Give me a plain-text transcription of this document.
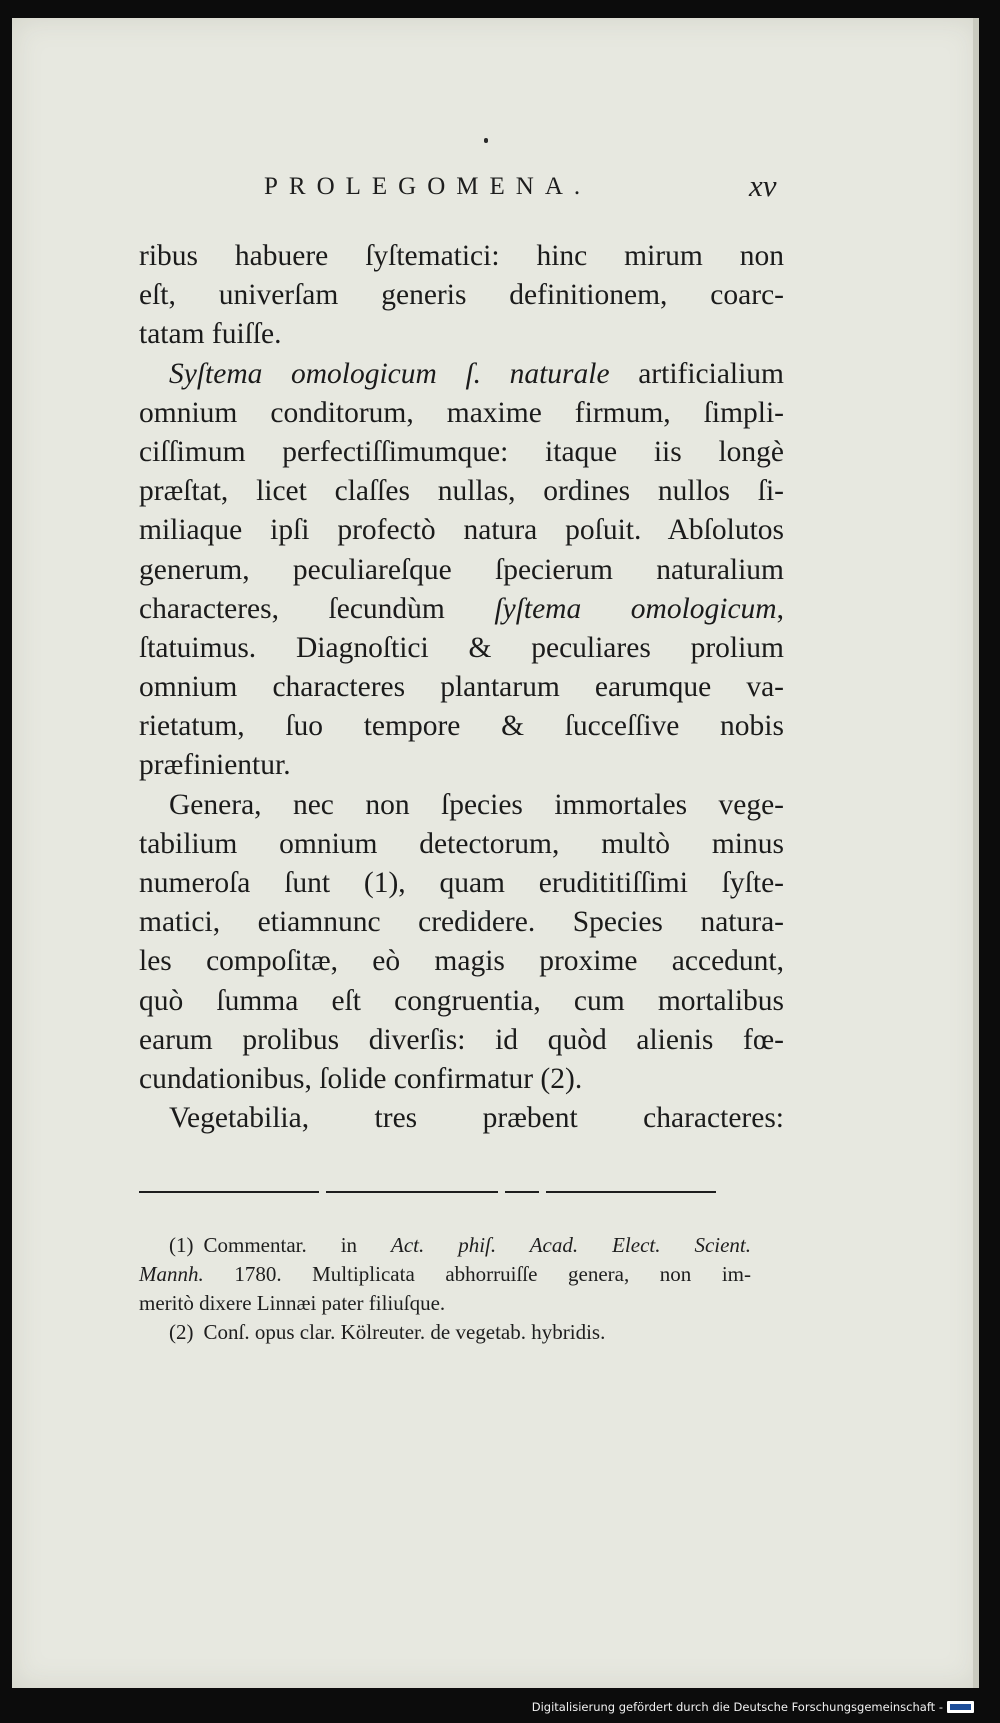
PROLEGOMENA.	xv
ribus habuere ſyſtematici: hinc mirum non
eſt, univerſam generis definitionem, coarc-
tatam fuiſſe.
Syſtema omologicum ſ. naturale artificialium
omnium conditorum, maxime firmum, ſimpli-
ciſſimum perfectiſſimumque: itaque iis longè
præſtat, licet claſſes nullas, ordines nullos ſi-
miliaque ipſi profectò natura poſuit. Abſolutos
generum, peculiareſque ſpecierum naturalium
characteres, ſecundùm ſyſtema omologicum,
ſtatuimus. Diagnoſtici & peculiares prolium
omnium characteres plantarum earumque va-
rietatum, ſuo tempore & ſucceſſive nobis
præfinientur.
Genera, nec non ſpecies immortales vege-
tabilium omnium detectorum, multò minus
numeroſa ſunt (1), quam erudititiſſimi ſyſte-
matici, etiamnunc credidere. Species natura-
les compoſitæ, eò magis proxime accedunt,
quò ſumma eſt congruentia, cum mortalibus
earum prolibus diverſis: id quòd alienis fœ-
cundationibus, ſolide confirmatur (2).
Vegetabilia, tres præbent characteres:
(1) Commentar. in Act. phiſ. Acad. Elect. Scient.
Mannh. 1780. Multiplicata abhorruiſſe genera, non im-
meritò dixere Linnæi pater filiuſque.
(2) Conſ. opus clar. Kölreuter. de vegetab. hybridis.
Digitalisierung gefördert durch die Deutsche Forschungsgemeinschaft -
